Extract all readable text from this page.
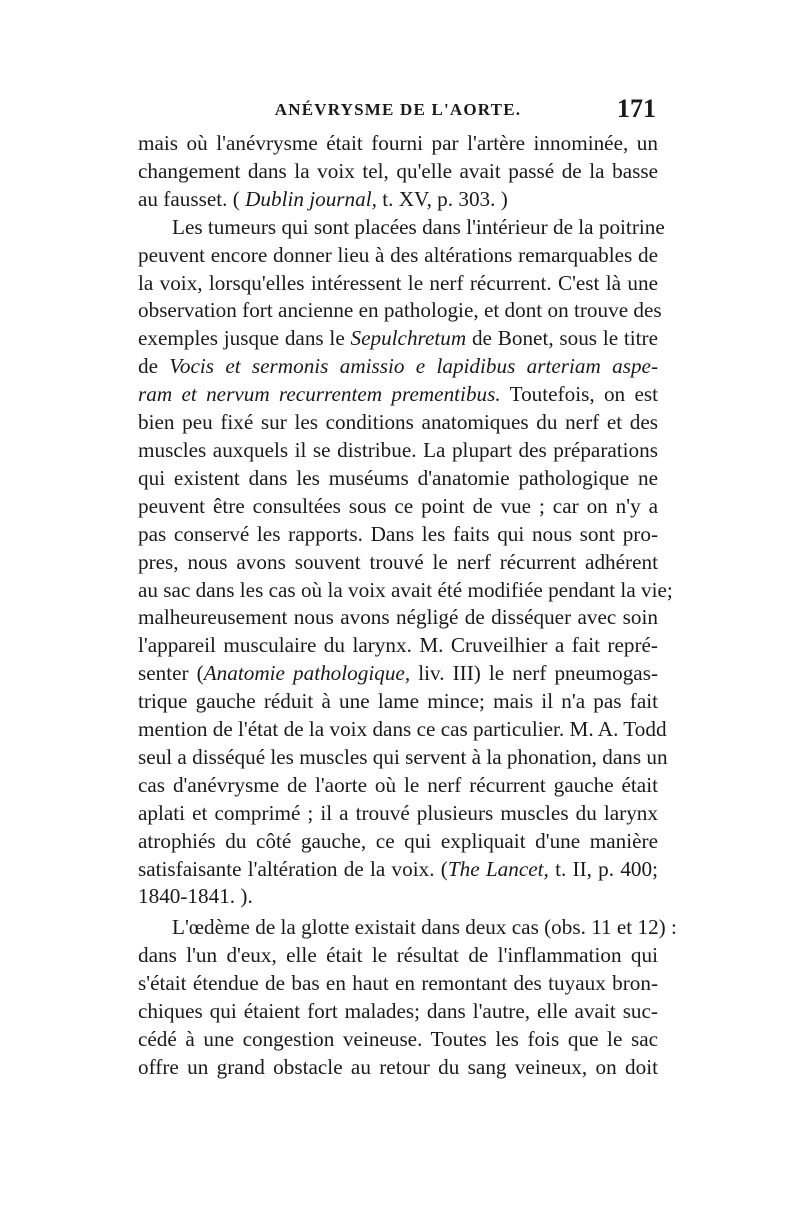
ANÉVRYSME DE L'AORTE.	171

mais où l'anévrysme était fourni par l'artère innominée, un
changement dans la voix tel, qu'elle avait passé de la basse
au fausset. ( Dublin journal, t. XV, p. 303. )

Les tumeurs qui sont placées dans l'intérieur de la poitrine
peuvent encore donner lieu à des altérations remarquables de
la voix, lorsqu'elles intéressent le nerf récurrent. C'est là une
observation fort ancienne en pathologie, et dont on trouve des
exemples jusque dans le Sepulchretum de Bonet, sous le titre
de Vocis et sermonis amissio e lapidibus arteriam aspe-
ram et nervum recurrentem prementibus. Toutefois, on est
bien peu fixé sur les conditions anatomiques du nerf et des
muscles auxquels il se distribue. La plupart des préparations
qui existent dans les muséums d'anatomie pathologique ne
peuvent être consultées sous ce point de vue ; car on n'y a
pas conservé les rapports. Dans les faits qui nous sont pro-
pres, nous avons souvent trouvé le nerf récurrent adhérent
au sac dans les cas où la voix avait été modifiée pendant la vie;
malheureusement nous avons négligé de disséquer avec soin
l'appareil musculaire du larynx. M. Cruveilhier a fait repré-
senter (Anatomie pathologique, liv. III) le nerf pneumogas-
trique gauche réduit à une lame mince; mais il n'a pas fait
mention de l'état de la voix dans ce cas particulier. M. A. Todd
seul a disséqué les muscles qui servent à la phonation, dans un
cas d'anévrysme de l'aorte où le nerf récurrent gauche était
aplati et comprimé ; il a trouvé plusieurs muscles du larynx
atrophiés du côté gauche, ce qui expliquait d'une manière
satisfaisante l'altération de la voix. (The Lancet, t. II, p. 400;
1840-1841. ).

L'œdème de la glotte existait dans deux cas (obs. 11 et 12) :
dans l'un d'eux, elle était le résultat de l'inflammation qui
s'était étendue de bas en haut en remontant des tuyaux bron-
chiques qui étaient fort malades; dans l'autre, elle avait suc-
cédé à une congestion veineuse. Toutes les fois que le sac
offre un grand obstacle au retour du sang veineux, on doit
